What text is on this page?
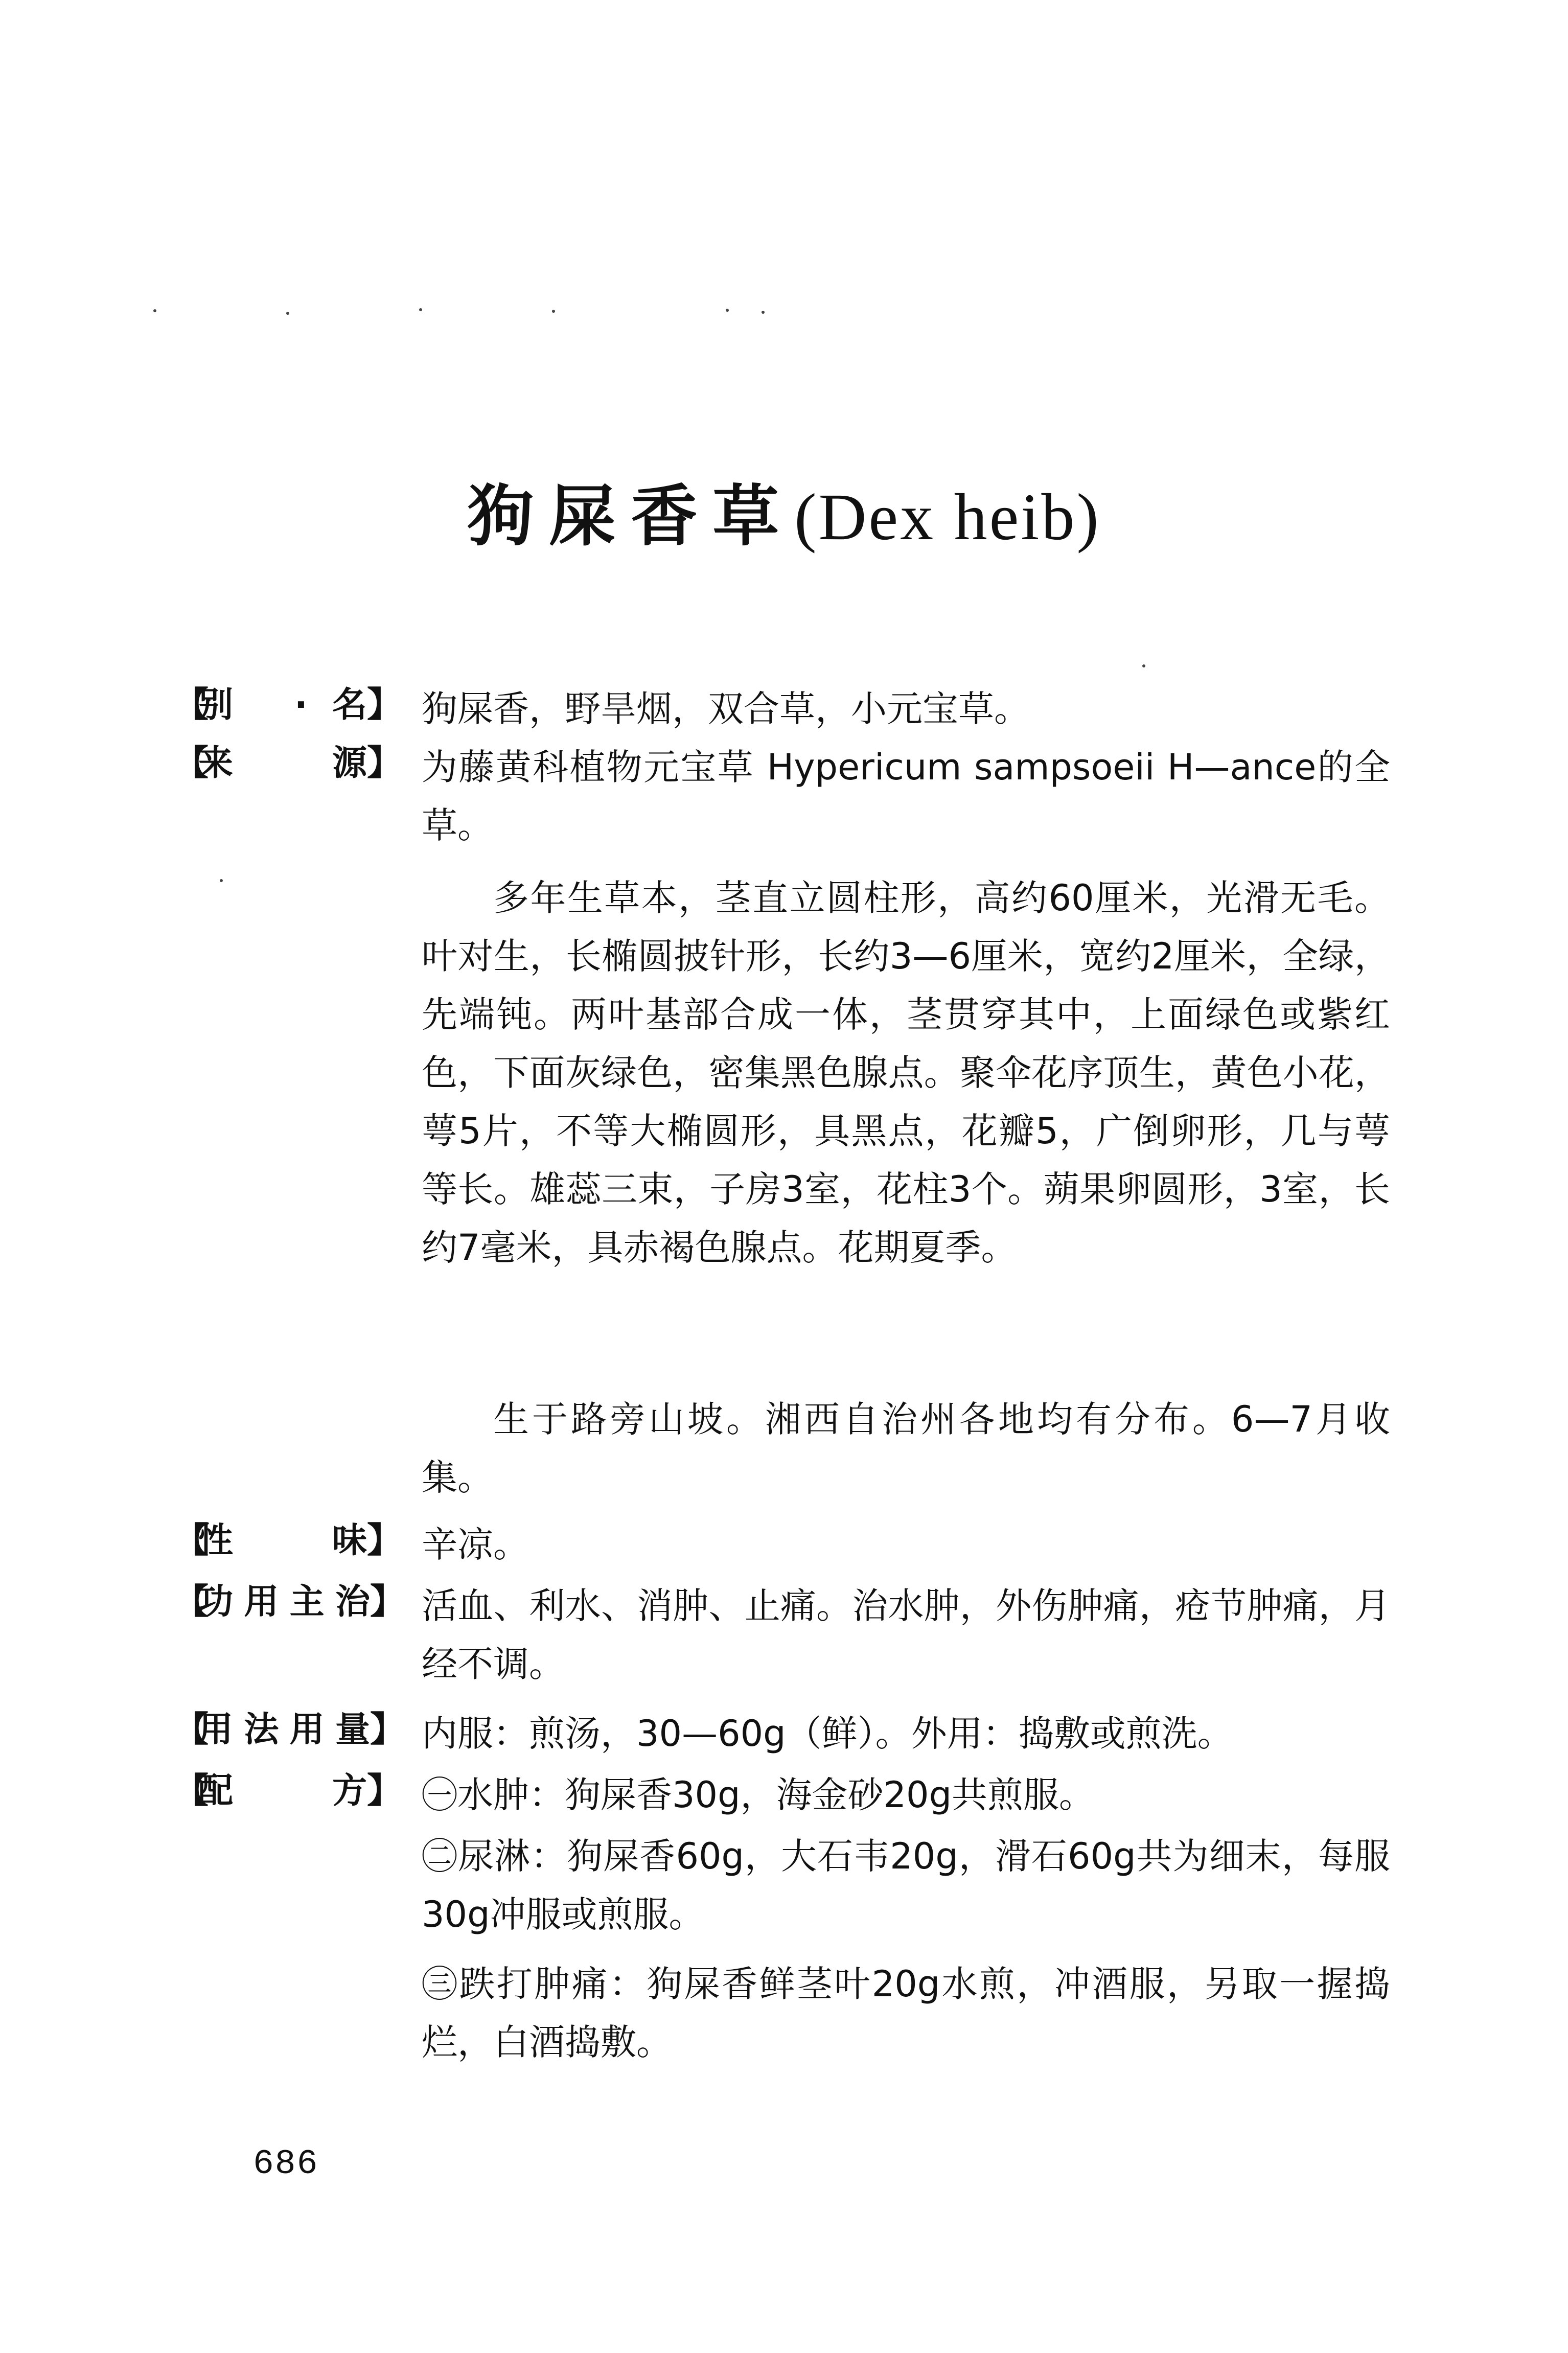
狗屎香草(Dex heib)
【别 ·名】 狗屎香，野旱烟，双合草，小元宝草。
【来 源】 为藤黄科植物元宝草 Hypericum sampsoeii H—ance的全草。
多年生草本，茎直立圆柱形，高约60厘米，光滑无毛。叶对生，长椭圆披针形，长约3—6厘米，宽约2厘米，全绿，先端钝。两叶基部合成一体，茎贯穿其中，上面绿色或紫红色，下面灰绿色，密集黑色腺点。聚伞花序顶生，黄色小花，萼5片，不等大椭圆形，具黑点，花瓣5，广倒卵形，几与萼等长。雄蕊三束，子房3室，花柱3个。蒴果卵圆形，3室，长约7毫米，具赤褐色腺点。花期夏季。
生于路旁山坡。湘西自治州各地均有分布。6—7月收集。
【性 味】 辛凉。
【功用主治】 活血、利水、消肿、止痛。治水肿，外伤肿痛，疮节肿痛，月经不调。
【用法用量】 内服：煎汤，30—60g（鲜）。外用：捣敷或煎洗。
【配 方】 ㊀水肿：狗屎香30g，海金砂20g共煎服。
㊁尿淋：狗屎香60g，大石韦20g，滑石60g共为细末，每服30g冲服或煎服。
㊂跌打肿痛：狗屎香鲜茎叶20g水煎，冲酒服，另取一握捣烂，白酒捣敷。
686
